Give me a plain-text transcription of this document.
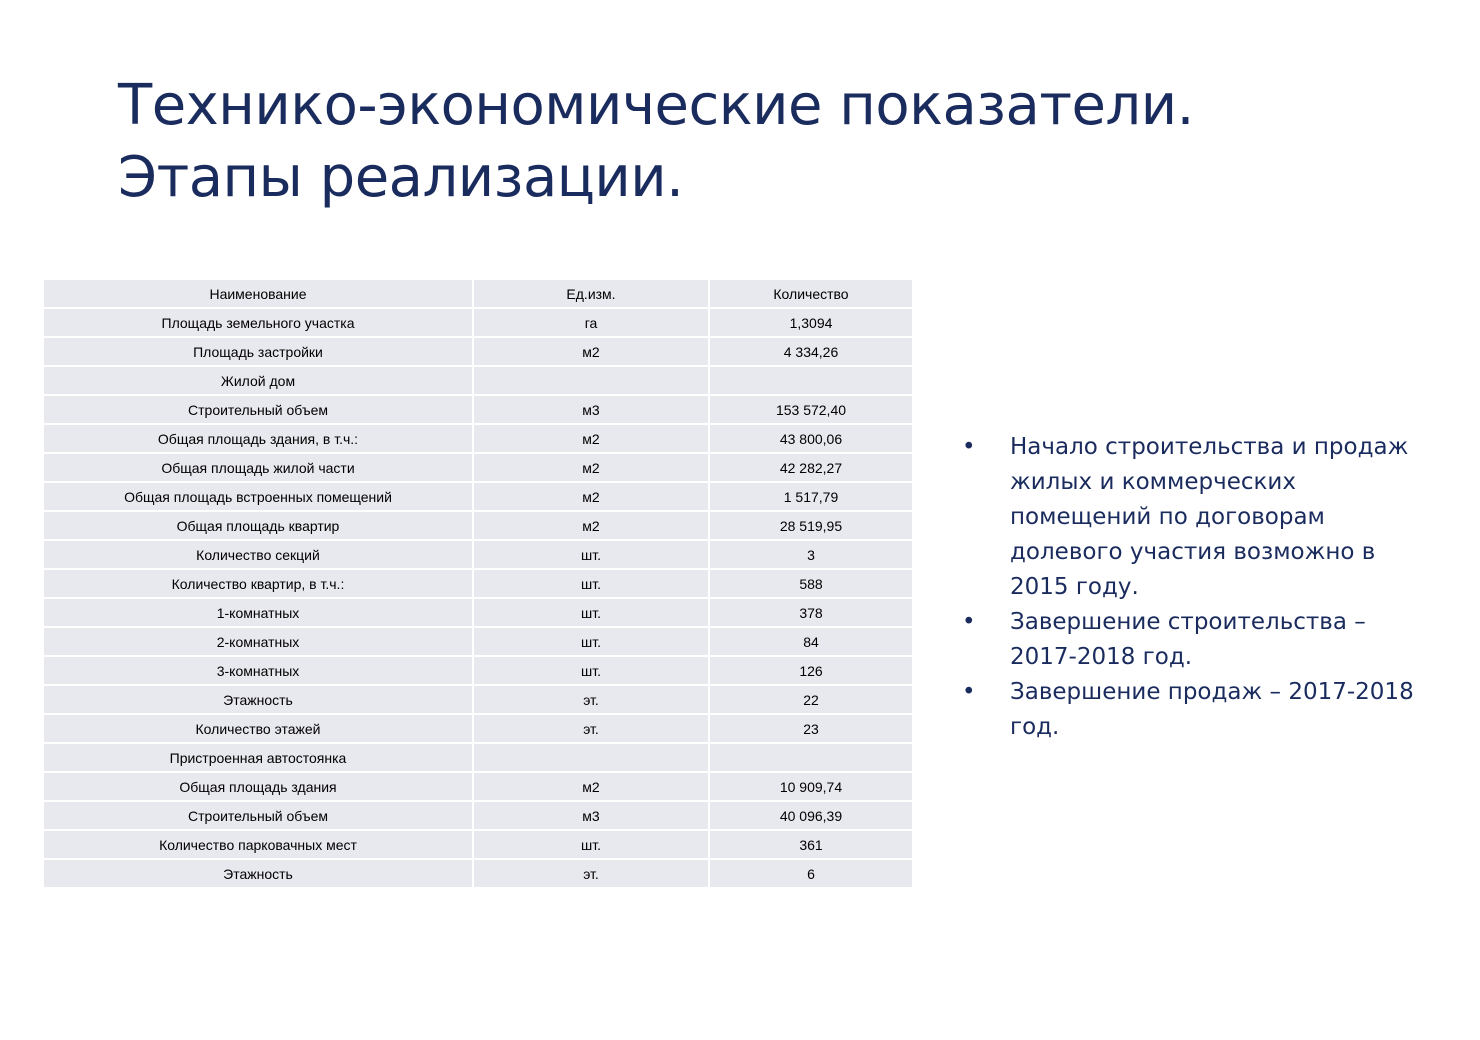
Технико-экономические показатели.
Этапы реализации.
Наименование	Ед.изм.	Количество
Площадь земельного участка	га	1,3094
Площадь застройки	м2	4 334,26
Жилой дом		
Строительный объем	м3	153 572,40
Общая площадь здания, в т.ч.:	м2	43 800,06
Общая площадь жилой части	м2	42 282,27
Общая площадь встроенных помещений	м2	1 517,79
Общая площадь квартир	м2	28 519,95
Количество секций	шт.	3
Количество квартир, в т.ч.:	шт.	588
1-комнатных	шт.	378
2-комнатных	шт.	84
3-комнатных	шт.	126
Этажность	эт.	22
Количество этажей	эт.	23
Пристроенная автостоянка		
Общая площадь здания	м2	10 909,74
Строительный объем	м3	40 096,39
Количество парковачных мест	шт.	361
Этажность	эт.	6
• Начало строительства и продаж жилых и коммерческих помещений по договорам долевого участия возможно в 2015 году.
• Завершение строительства – 2017-2018 год.
• Завершение продаж – 2017-2018 год.
